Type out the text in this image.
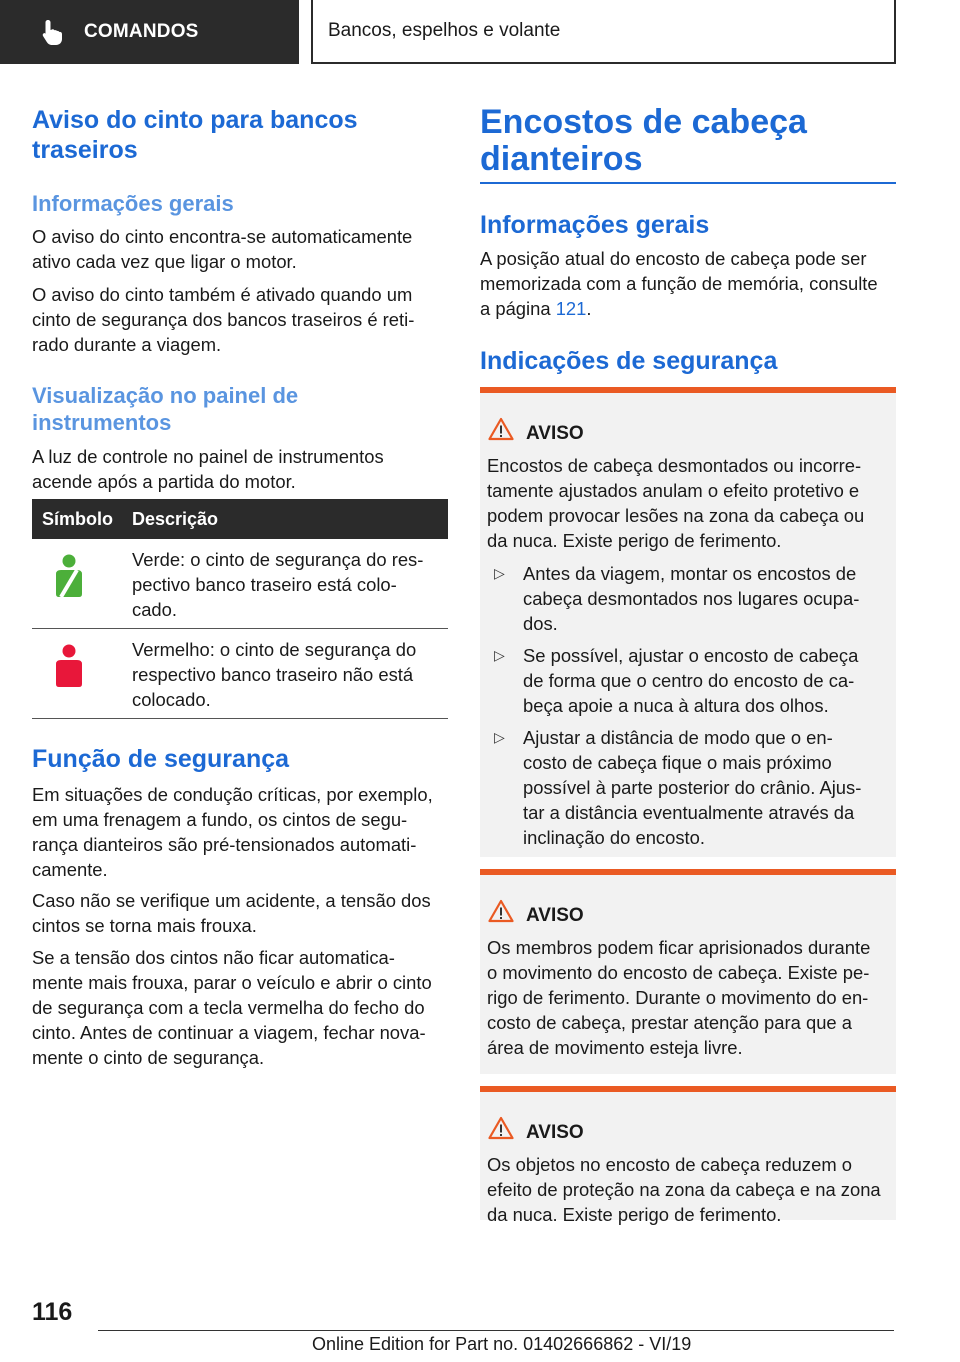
COMANDOS	Bancos, espelhos e volante
Aviso do cinto para bancos
traseiros
Informações gerais
O aviso do cinto encontra-se automaticamente
ativo cada vez que ligar o motor.
O aviso do cinto também é ativado quando um
cinto de segurança dos bancos traseiros é reti-
rado durante a viagem.
Visualização no painel de
instrumentos
A luz de controle no painel de instrumentos
acende após a partida do motor.
Símbolo Descrição
Verde: o cinto de segurança do res-
pectivo banco traseiro está colo-
cado.
Vermelho: o cinto de segurança do
respectivo banco traseiro não está
colocado.
Função de segurança
Em situações de condução críticas, por exemplo,
em uma frenagem a fundo, os cintos de segu-
rança dianteiros são pré-tensionados automati-
camente.
Caso não se verifique um acidente, a tensão dos
cintos se torna mais frouxa.
Se a tensão dos cintos não ficar automatica-
mente mais frouxa, parar o veículo e abrir o cinto
de segurança com a tecla vermelha do fecho do
cinto. Antes de continuar a viagem, fechar nova-
mente o cinto de segurança.
Encostos de cabeça
dianteiros
Informações gerais
A posição atual do encosto de cabeça pode ser
memorizada com a função de memória, consulte
a página 121.
Indicações de segurança
AVISO
Encostos de cabeça desmontados ou incorre-
tamente ajustados anulam o efeito protetivo e
podem provocar lesões na zona da cabeça ou
da nuca. Existe perigo de ferimento.
▷ Antes da viagem, montar os encostos de
cabeça desmontados nos lugares ocupa-
dos.
▷ Se possível, ajustar o encosto de cabeça
de forma que o centro do encosto de ca-
beça apoie a nuca à altura dos olhos.
▷ Ajustar a distância de modo que o en-
costo de cabeça fique o mais próximo
possível à parte posterior do crânio. Ajus-
tar a distância eventualmente através da
inclinação do encosto.
AVISO
Os membros podem ficar aprisionados durante
o movimento do encosto de cabeça. Existe pe-
rigo de ferimento. Durante o movimento do en-
costo de cabeça, prestar atenção para que a
área de movimento esteja livre.
AVISO
Os objetos no encosto de cabeça reduzem o
efeito de proteção na zona da cabeça e na zona
da nuca. Existe perigo de ferimento.
116
Online Edition for Part no. 01402666862 - VI/19
